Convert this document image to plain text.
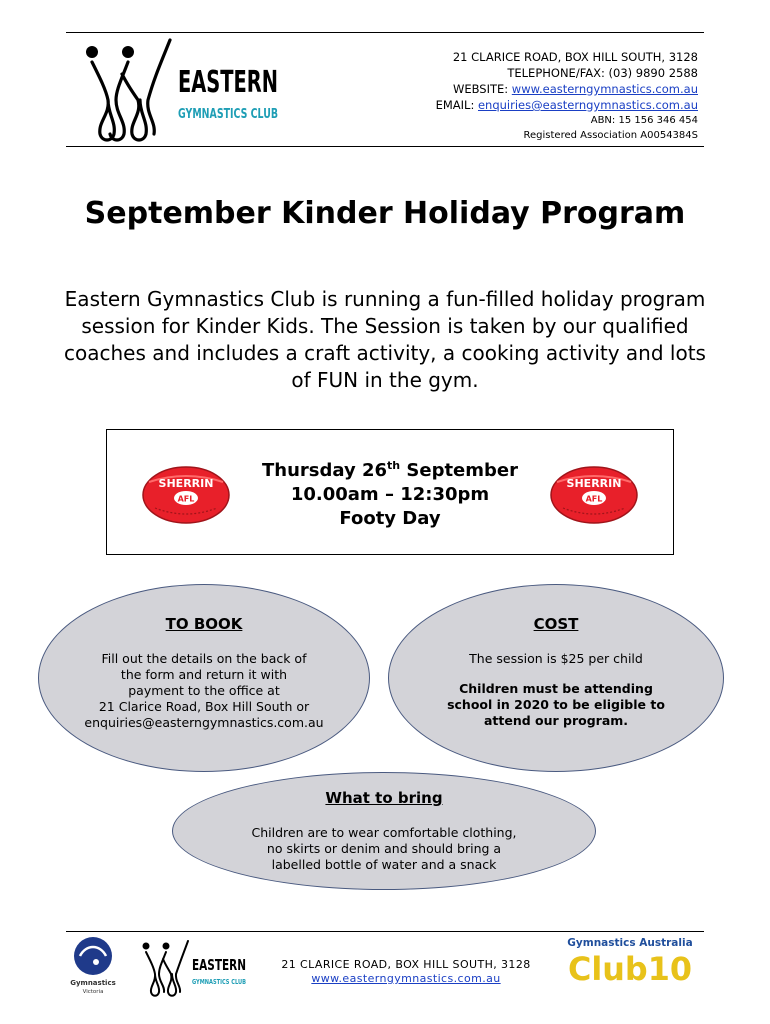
EASTERN
GYMNASTICS CLUB
21 CLARICE ROAD, BOX HILL SOUTH, 3128
TELEPHONE/FAX: (03) 9890 2588
WEBSITE: www.easterngymnastics.com.au
EMAIL: enquiries@easterngymnastics.com.au
ABN: 15 156 346 454
Registered Association A0054384S
September Kinder Holiday Program

Eastern Gymnastics Club is running a fun-filled holiday program session for Kinder Kids. The Session is taken by our qualified coaches and includes a craft activity, a cooking activity and lots of FUN in the gym.

SHERRIN
AFL
Thursday 26th September
10.00am – 12:30pm
Footy Day
SHERRIN
AFL
TO BOOK
Fill out the details on the back of
the form and return it with
payment to the office at
21 Clarice Road, Box Hill South or
enquiries@easterngymnastics.com.au
COST
The session is $25 per child
Children must be attending
school in 2020 to be eligible to
attend our program.
What to bring
Children are to wear comfortable clothing,
no skirts or denim and should bring a
labelled bottle of water and a snack
Gymnastics
Victoria
EASTERN
GYMNASTICS CLUB
21 CLARICE ROAD, BOX HILL SOUTH, 3128
www.easterngymnastics.com.au
Gymnastics Australia
Club10
